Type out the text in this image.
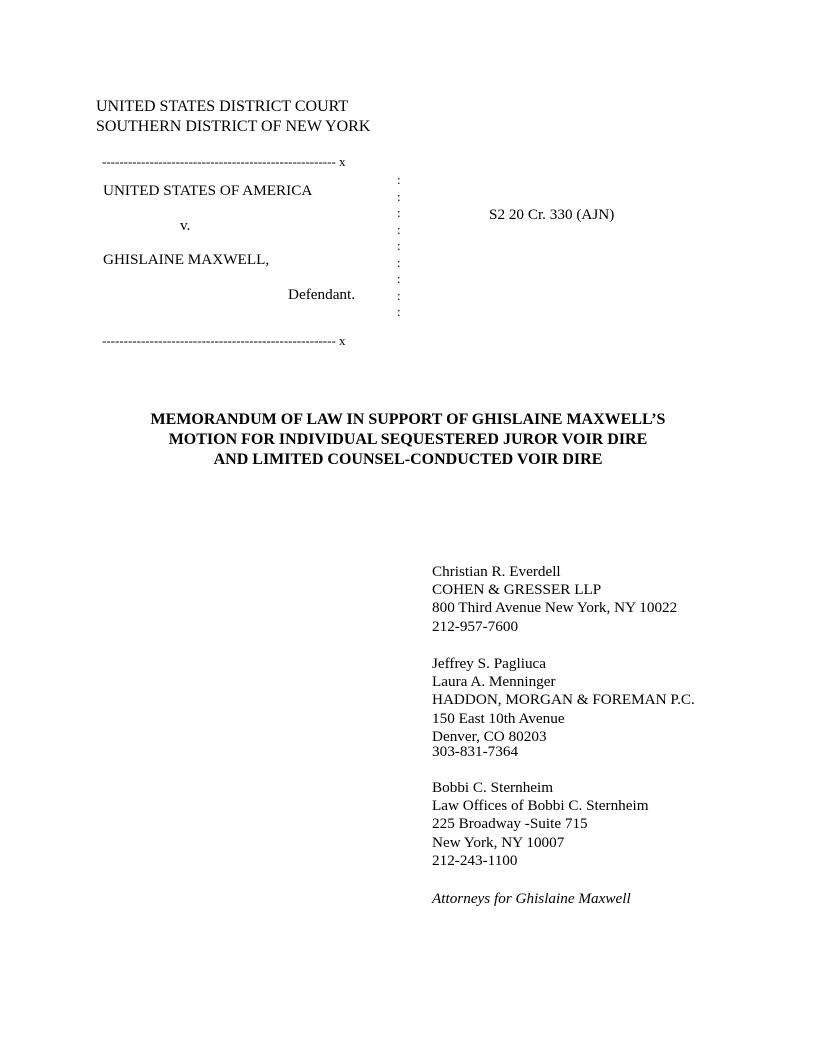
UNITED STATES DISTRICT COURT
SOUTHERN DISTRICT OF NEW YORK
------------------------------------------------------ x
UNITED STATES OF AMERICA
v.
GHISLAINE MAXWELL,
Defendant.
:
:
:
:
:
:
:
:
:
S2 20 Cr. 330 (AJN)
------------------------------------------------------ x
MEMORANDUM OF LAW IN SUPPORT OF GHISLAINE MAXWELL’S
MOTION FOR INDIVIDUAL SEQUESTERED JUROR VOIR DIRE
AND LIMITED COUNSEL-CONDUCTED VOIR DIRE
Christian R. Everdell
COHEN & GRESSER LLP
800 Third Avenue New York, NY 10022
212-957-7600
Jeffrey S. Pagliuca
Laura A. Menninger
HADDON, MORGAN & FOREMAN P.C.
150 East 10th Avenue
Denver, CO 80203
303-831-7364
Bobbi C. Sternheim
Law Offices of Bobbi C. Sternheim
225 Broadway -Suite 715
New York, NY 10007
212-243-1100
Attorneys for Ghislaine Maxwell
